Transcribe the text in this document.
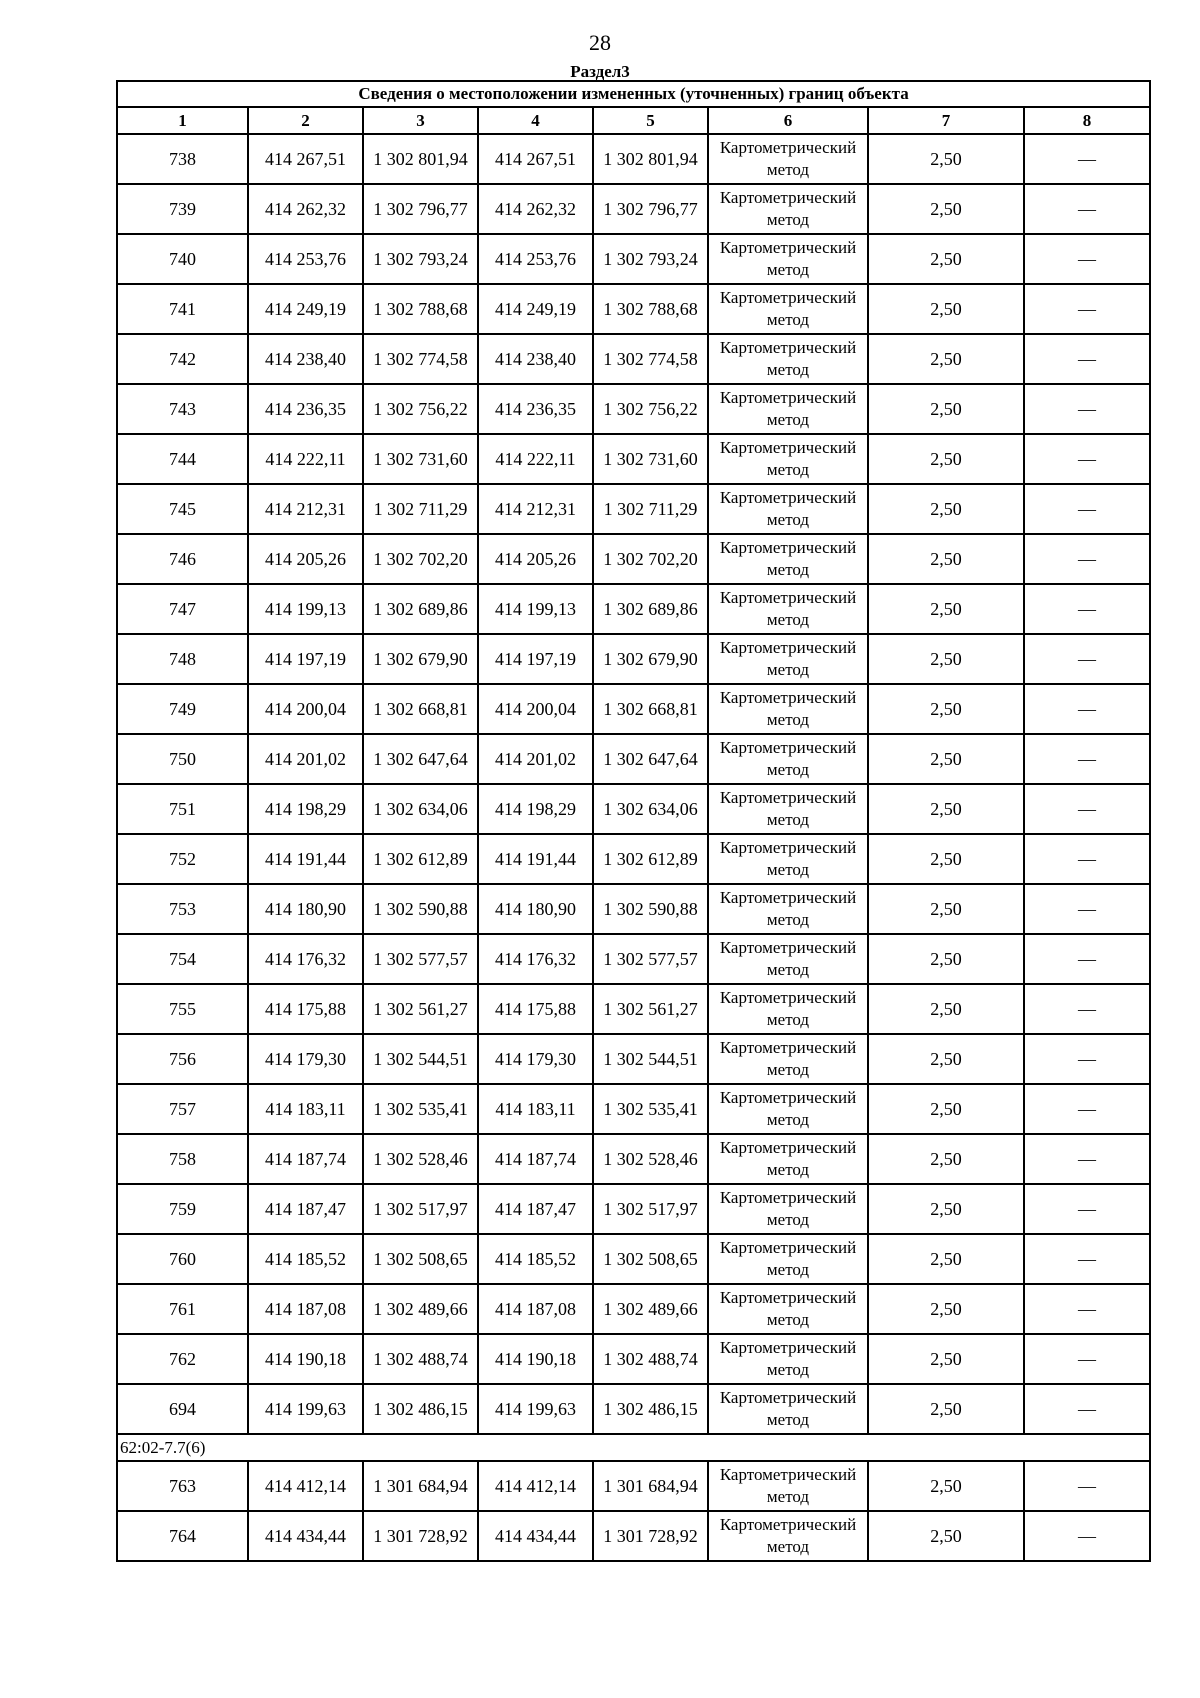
28
Раздел3
Сведения о местоположении измененных (уточненных) границ объекта							
1	2	3	4	5	6	7	8
738	414 267,51	1 302 801,94	414 267,51	1 302 801,94	Картометрический метод	2,50	—
739	414 262,32	1 302 796,77	414 262,32	1 302 796,77	Картометрический метод	2,50	—
740	414 253,76	1 302 793,24	414 253,76	1 302 793,24	Картометрический метод	2,50	—
741	414 249,19	1 302 788,68	414 249,19	1 302 788,68	Картометрический метод	2,50	—
742	414 238,40	1 302 774,58	414 238,40	1 302 774,58	Картометрический метод	2,50	—
743	414 236,35	1 302 756,22	414 236,35	1 302 756,22	Картометрический метод	2,50	—
744	414 222,11	1 302 731,60	414 222,11	1 302 731,60	Картометрический метод	2,50	—
745	414 212,31	1 302 711,29	414 212,31	1 302 711,29	Картометрический метод	2,50	—
746	414 205,26	1 302 702,20	414 205,26	1 302 702,20	Картометрический метод	2,50	—
747	414 199,13	1 302 689,86	414 199,13	1 302 689,86	Картометрический метод	2,50	—
748	414 197,19	1 302 679,90	414 197,19	1 302 679,90	Картометрический метод	2,50	—
749	414 200,04	1 302 668,81	414 200,04	1 302 668,81	Картометрический метод	2,50	—
750	414 201,02	1 302 647,64	414 201,02	1 302 647,64	Картометрический метод	2,50	—
751	414 198,29	1 302 634,06	414 198,29	1 302 634,06	Картометрический метод	2,50	—
752	414 191,44	1 302 612,89	414 191,44	1 302 612,89	Картометрический метод	2,50	—
753	414 180,90	1 302 590,88	414 180,90	1 302 590,88	Картометрический метод	2,50	—
754	414 176,32	1 302 577,57	414 176,32	1 302 577,57	Картометрический метод	2,50	—
755	414 175,88	1 302 561,27	414 175,88	1 302 561,27	Картометрический метод	2,50	—
756	414 179,30	1 302 544,51	414 179,30	1 302 544,51	Картометрический метод	2,50	—
757	414 183,11	1 302 535,41	414 183,11	1 302 535,41	Картометрический метод	2,50	—
758	414 187,74	1 302 528,46	414 187,74	1 302 528,46	Картометрический метод	2,50	—
759	414 187,47	1 302 517,97	414 187,47	1 302 517,97	Картометрический метод	2,50	—
760	414 185,52	1 302 508,65	414 185,52	1 302 508,65	Картометрический метод	2,50	—
761	414 187,08	1 302 489,66	414 187,08	1 302 489,66	Картометрический метод	2,50	—
762	414 190,18	1 302 488,74	414 190,18	1 302 488,74	Картометрический метод	2,50	—
694	414 199,63	1 302 486,15	414 199,63	1 302 486,15	Картометрический метод	2,50	—
62:02-7.7(6)							
763	414 412,14	1 301 684,94	414 412,14	1 301 684,94	Картометрический метод	2,50	—
764	414 434,44	1 301 728,92	414 434,44	1 301 728,92	Картометрический метод	2,50	—
